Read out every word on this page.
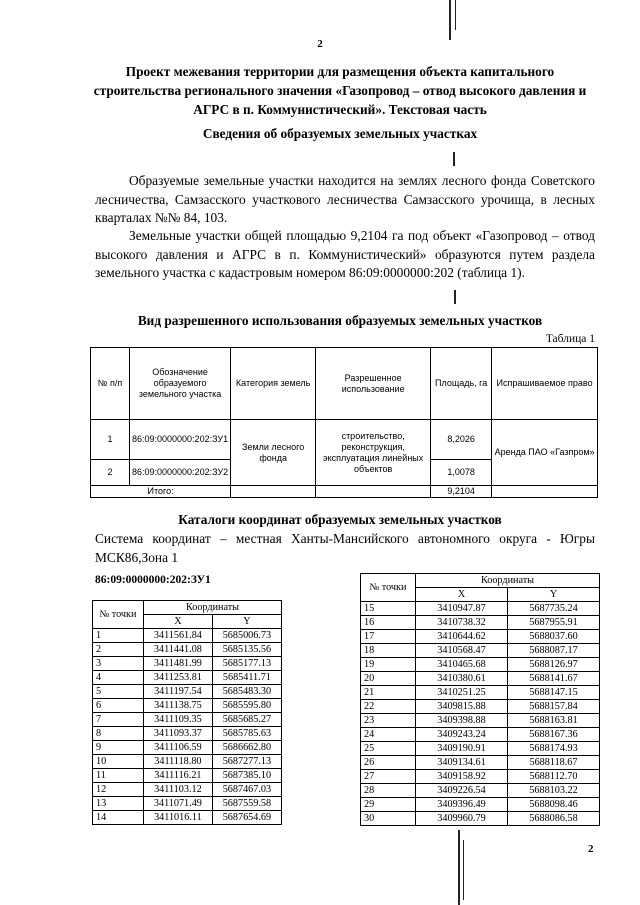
2
Проект межевания территории для размещения объекта капитального строительства регионального значения «Газопровод – отвод высокого давления и АГРС в п. Коммунистический». Текстовая часть
Сведения об образуемых земельных участках
Образуемые земельные участки находится на землях лесного фонда Советского лесничества, Самзасского участкового лесничества Самзасского урочища, в лесных кварталах №№ 84, 103.
Земельные участки общей площадью 9,2104 га под объект «Газопровод – отвод высокого давления и АГРС в п. Коммунистический» образуются путем раздела земельного участка с кадастровым номером 86:09:0000000:202 (таблица 1).
Вид разрешенного использования образуемых земельных участков
Таблица 1
№ п/п	Обозначение образуемого земельного участка	Категория земель	Разрешенное использование	Площадь, га	Испрашиваемое право
1	86:09:0000000:202:ЗУ1	Земли лесного фонда	строительство, реконструкция, эксплуатация линейных объектов	8,2026	Аренда ПАО «Газпром»
2	86:09:0000000:202:ЗУ2			1,0078	
Итого:				9,2104	
Каталоги координат образуемых земельных участков
Система координат – местная Ханты-Мансийского автономного округа - Югры МСК86,Зона 1
86:09:0000000:202:ЗУ1
№ точки	Координаты	
	X	Y
1	3411561.84	5685006.73
2	3411441.08	5685135.56
3	3411481.99	5685177.13
4	3411253.81	5685411.71
5	3411197.54	5685483.30
6	3411138.75	5685595.80
7	3411109.35	5685685.27
8	3411093.37	5685785.63
9	3411106.59	5686662.80
10	3411118.80	5687277.13
11	3411116.21	5687385.10
12	3411103.12	5687467.03
13	3411071.49	5687559.58
14	3411016.11	5687654.69
№ точки	Координаты	
	X	Y
15	3410947.87	5687735.24
16	3410738.32	5687955.91
17	3410644.62	5688037.60
18	3410568.47	5688087.17
19	3410465.68	5688126.97
20	3410380.61	5688141.67
21	3410251.25	5688147.15
22	3409815.88	5688157.84
23	3409398.88	5688163.81
24	3409243.24	5688167.36
25	3409190.91	5688174.93
26	3409134.61	5688118.67
27	3409158.92	5688112.70
28	3409226.54	5688103.22
29	3409396.49	5688098.46
30	3409960.79	5688086.58
2
